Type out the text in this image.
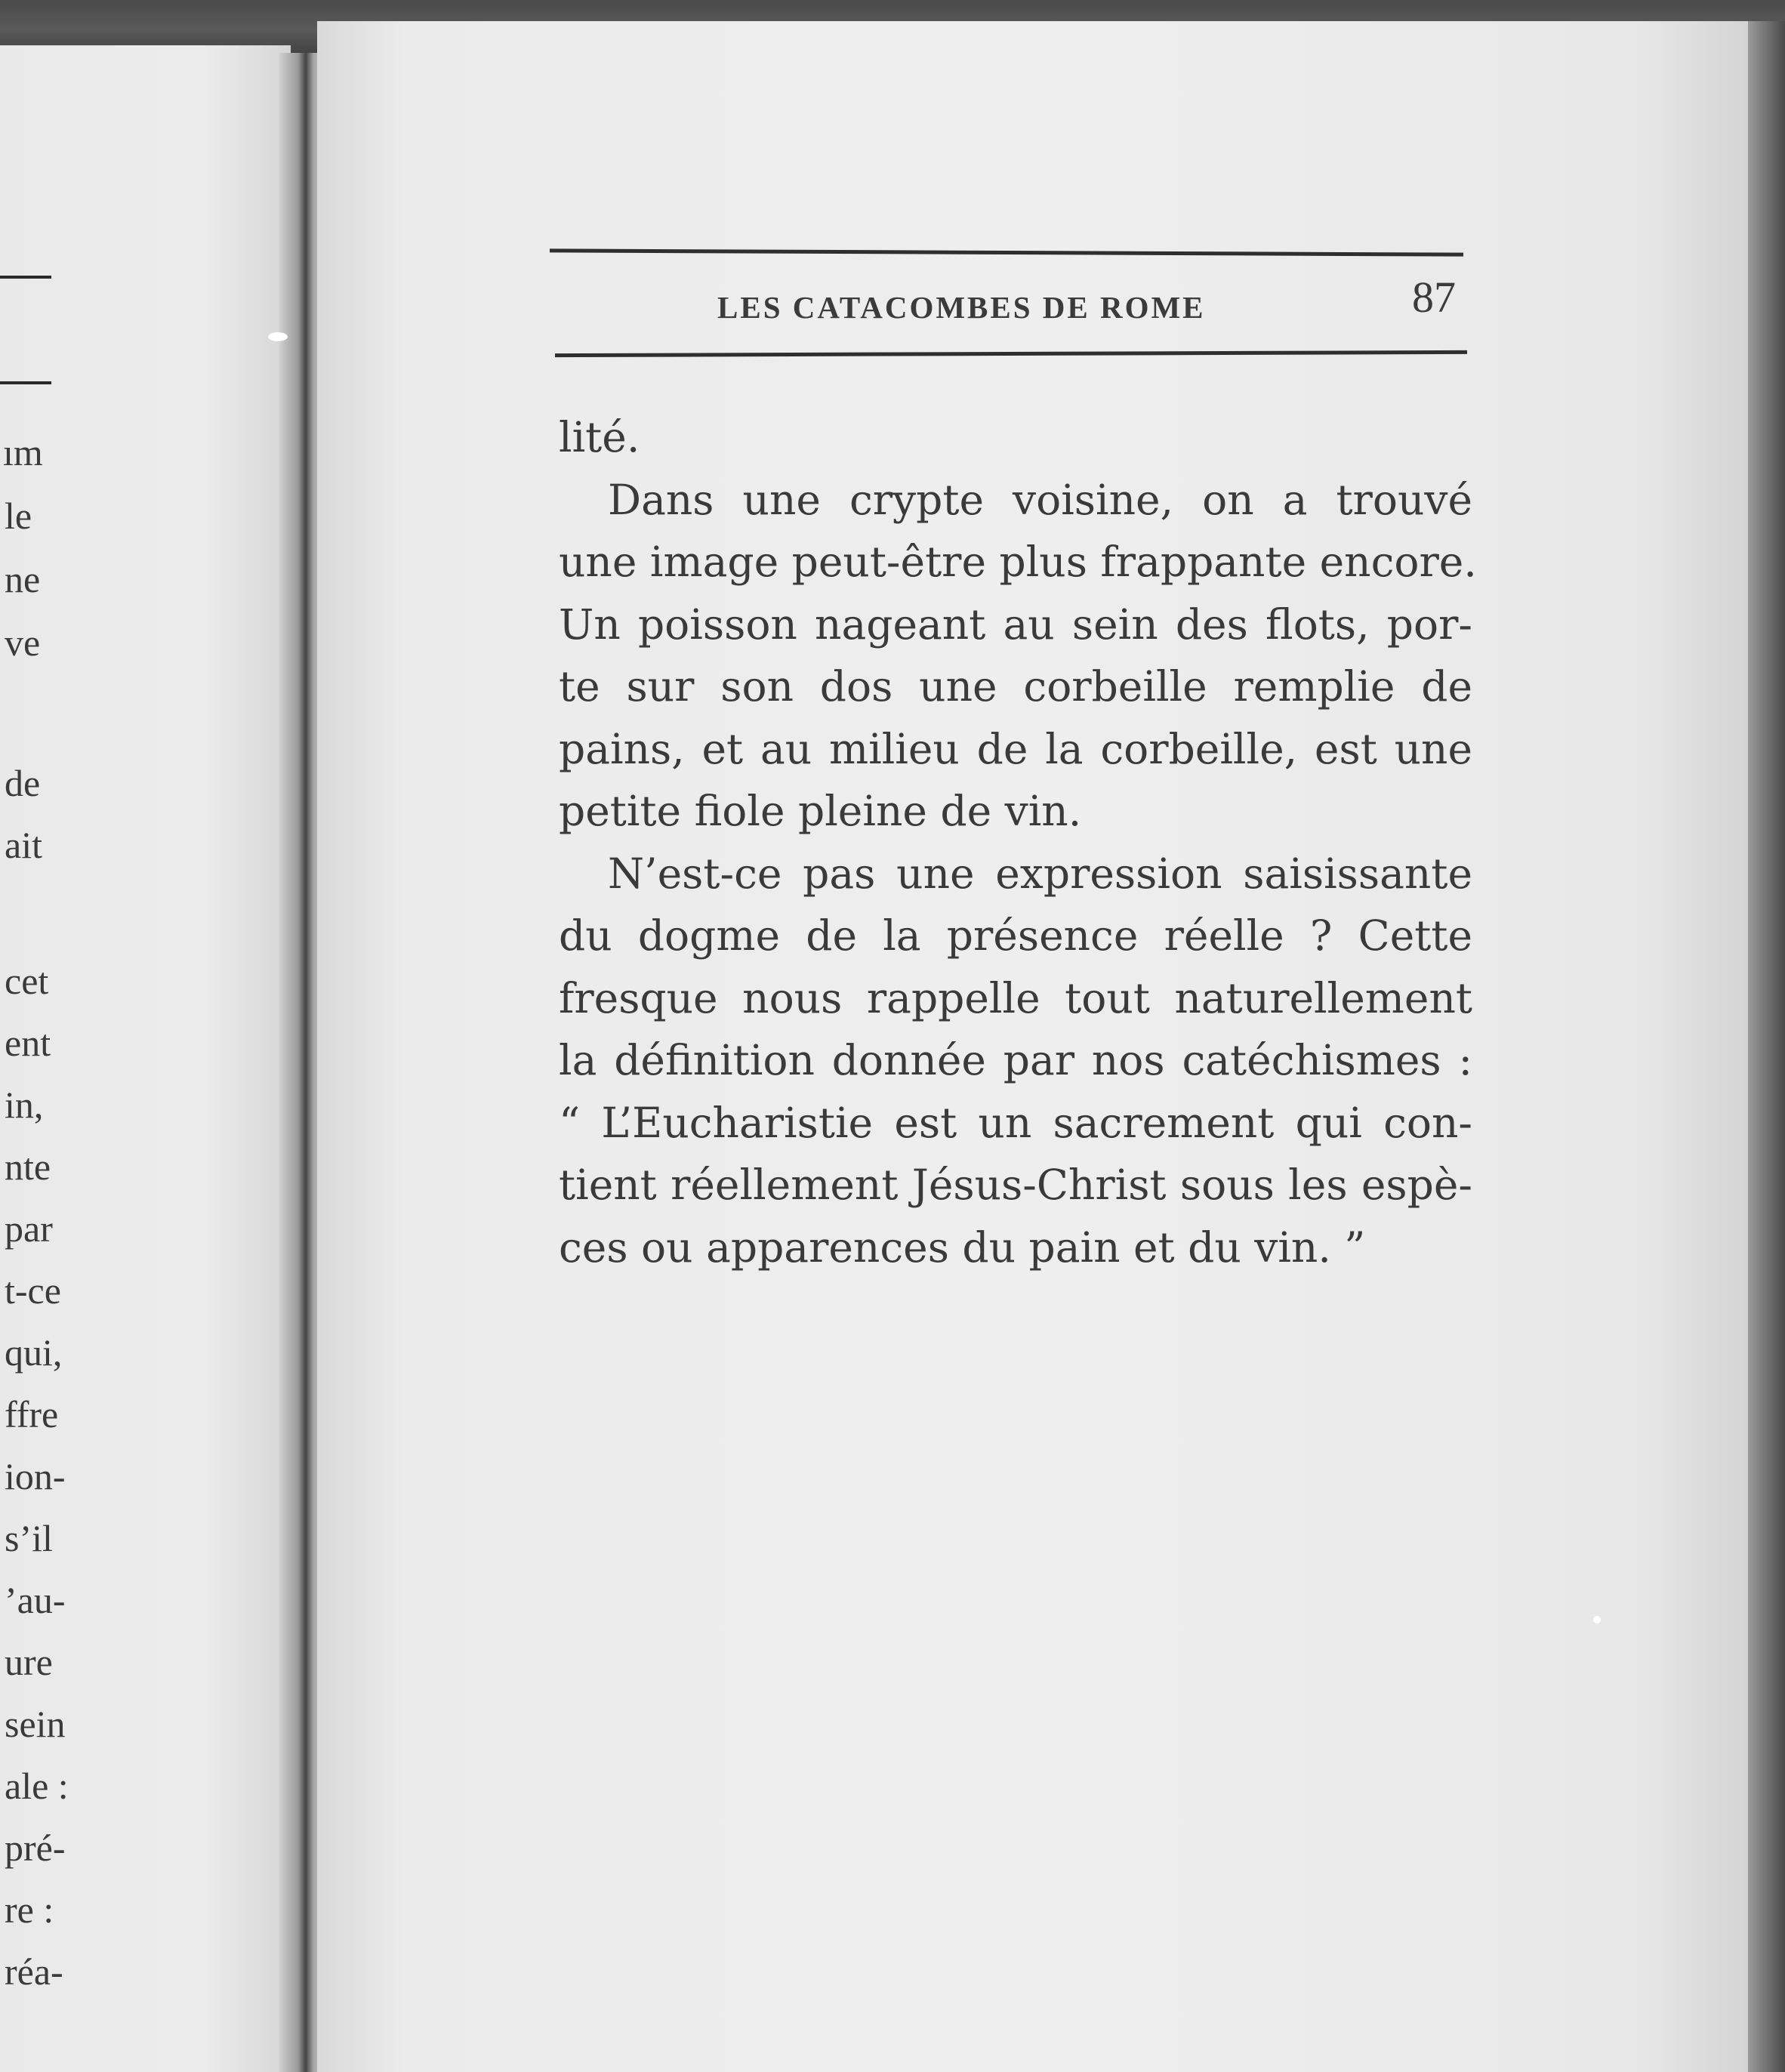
ım
le
ne
ve
de
ait
cet
ent
in,
nte
par
t-ce
qui,
ffre
ion-
s’il
’au-
ure
sein
ale :
pré-
re :
réa-
LES CATACOMBES DE ROME	87
lité.
Dans une crypte voisine, on a trouvé
une image peut-être plus frappante encore.
Un poisson nageant au sein des flots, por-
te sur son dos une corbeille remplie de
pains, et au milieu de la corbeille, est une
petite fiole pleine de vin.
N’est-ce pas une expression saisissante
du dogme de la présence réelle ? Cette
fresque nous rappelle tout naturellement
la définition donnée par nos catéchismes :
“ L’Eucharistie est un sacrement qui con-
tient réellement Jésus-Christ sous les espè-
ces ou apparences du pain et du vin. ”
